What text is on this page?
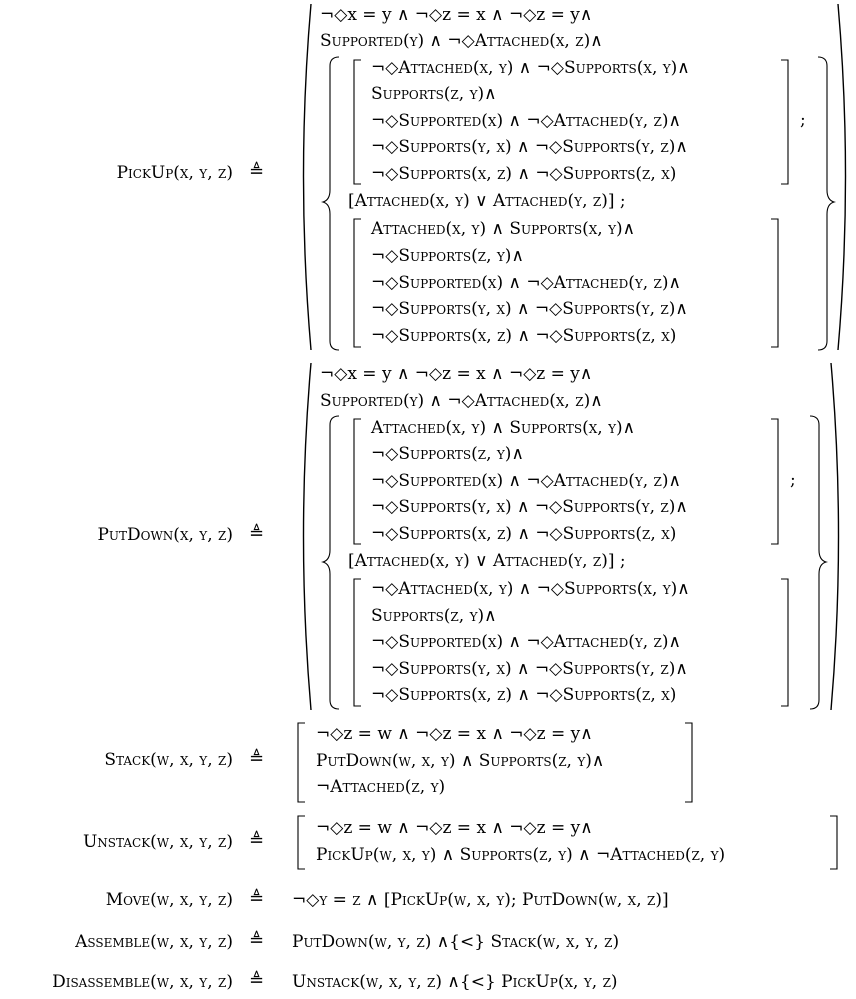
PickUp(x, y, z) ≜
¬◇x = y ∧ ¬◇z = x ∧ ¬◇z = y∧
Supported(y) ∧ ¬◇Attached(x, z)∧
¬◇Attached(x, y) ∧ ¬◇Supports(x, y)∧
Supports(z, y)∧
¬◇Supported(x) ∧ ¬◇Attached(y, z)∧
¬◇Supports(y, x) ∧ ¬◇Supports(y, z)∧
¬◇Supports(x, z) ∧ ¬◇Supports(z, x)
;
[Attached(x, y) ∨ Attached(y, z)] ;
Attached(x, y) ∧ Supports(x, y)∧
¬◇Supports(z, y)∧
¬◇Supported(x) ∧ ¬◇Attached(y, z)∧
¬◇Supports(y, x) ∧ ¬◇Supports(y, z)∧
¬◇Supports(x, z) ∧ ¬◇Supports(z, x)
PutDown(x, y, z) ≜
¬◇x = y ∧ ¬◇z = x ∧ ¬◇z = y∧
Supported(y) ∧ ¬◇Attached(x, z)∧
Attached(x, y) ∧ Supports(x, y)∧
¬◇Supports(z, y)∧
¬◇Supported(x) ∧ ¬◇Attached(y, z)∧
¬◇Supports(y, x) ∧ ¬◇Supports(y, z)∧
¬◇Supports(x, z) ∧ ¬◇Supports(z, x)
;
[Attached(x, y) ∨ Attached(y, z)] ;
¬◇Attached(x, y) ∧ ¬◇Supports(x, y)∧
Supports(z, y)∧
¬◇Supported(x) ∧ ¬◇Attached(y, z)∧
¬◇Supports(y, x) ∧ ¬◇Supports(y, z)∧
¬◇Supports(x, z) ∧ ¬◇Supports(z, x)
Stack(w, x, y, z) ≜
¬◇z = w ∧ ¬◇z = x ∧ ¬◇z = y∧
PutDown(w, x, y) ∧ Supports(z, y)∧
¬Attached(z, y)
Unstack(w, x, y, z) ≜
¬◇z = w ∧ ¬◇z = x ∧ ¬◇z = y∧
PickUp(w, x, y) ∧ Supports(z, y) ∧ ¬Attached(z, y)
Move(w, x, y, z) ≜ ¬◇y = z ∧ [PickUp(w, x, y); PutDown(w, x, z)]
Assemble(w, x, y, z) ≜ PutDown(w, y, z) ∧{<} Stack(w, x, y, z)
Disassemble(w, x, y, z) ≜ Unstack(w, x, y, z) ∧{<} PickUp(x, y, z)
